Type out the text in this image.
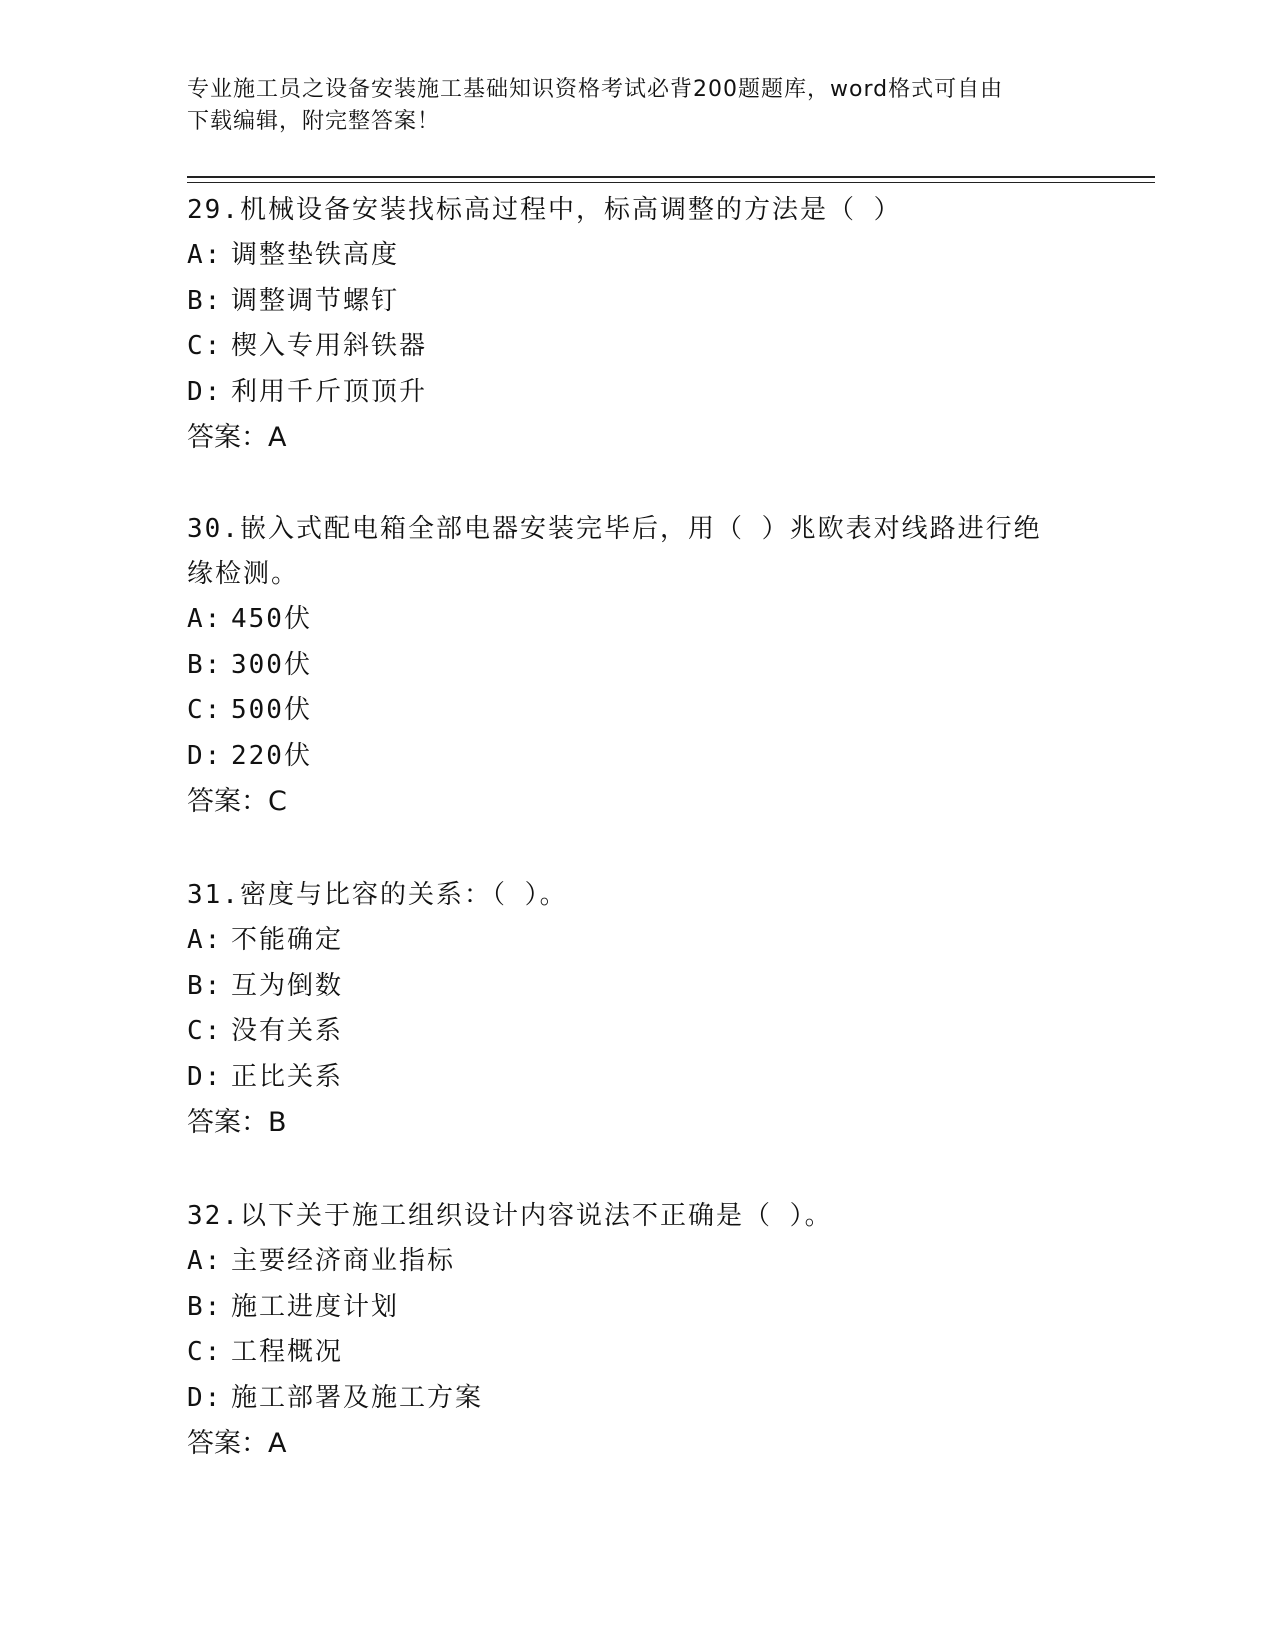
专业施工员之设备安装施工基础知识资格考试必背200题题库，word格式可自由
下载编辑，附完整答案！

29.机械设备安装找标高过程中，标高调整的方法是（ ）

A: 调整垫铁高度

B: 调整调节螺钉

C: 楔入专用斜铁器

D: 利用千斤顶顶升

答案：A

30.嵌入式配电箱全部电器安装完毕后，用（ ）兆欧表对线路进行绝缘检测。

A: 450伏

B: 300伏

C: 500伏

D: 220伏

答案：C

31.密度与比容的关系：（ ）。

A: 不能确定

B: 互为倒数

C: 没有关系

D: 正比关系

答案：B

32.以下关于施工组织设计内容说法不正确是（ ）。

A: 主要经济商业指标

B: 施工进度计划

C: 工程概况

D: 施工部署及施工方案

答案：A
